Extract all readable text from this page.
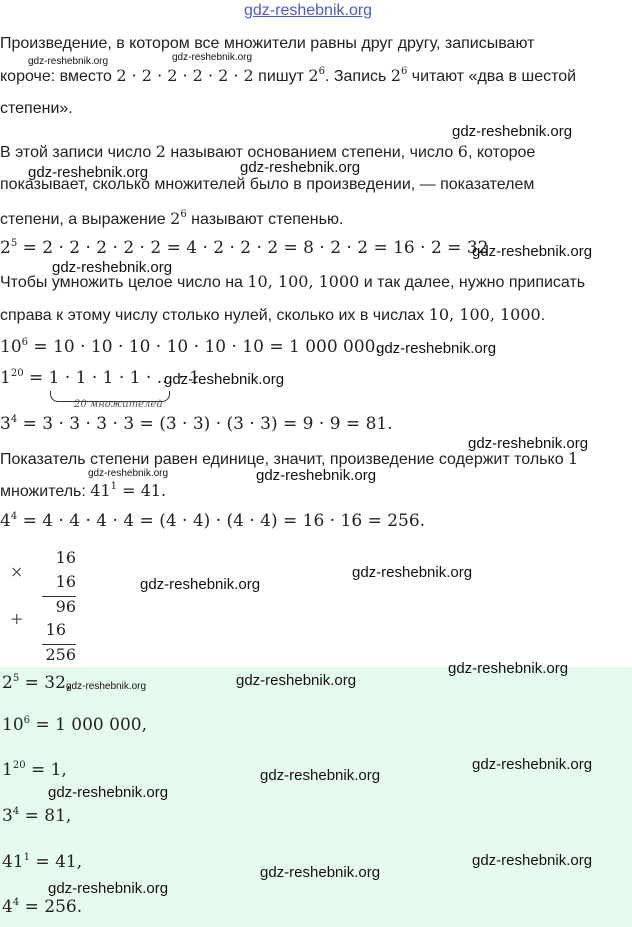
gdz-reshebnik.org
Произведение, в котором все множители равны друг другу, записывают
короче: вместо 2 · 2 · 2 · 2 · 2 · 2 пишут $2^6$. Запись $2^6$ читают «два в шестой
степени».
В этой записи число 2 называют основанием степени, число 6, которое
показывает, сколько множителей было в произведении, — показателем
степени, а выражение $2^6$ называют степенью.
$2^5 = 2 \cdot 2 \cdot 2 \cdot 2 \cdot 2 = 4 \cdot 2 \cdot 2 \cdot 2 = 8 \cdot 2 \cdot 2 = 16 \cdot 2 = 32$
Чтобы умножить целое число на 10, 100, 1000 и так далее, нужно приписать
справа к этому числу столько нулей, сколько их в числах 10, 100, 1000.
$10^6 = 10 \cdot 10 \cdot 10 \cdot 10 \cdot 10 \cdot 10 = 1$ 000 000.
$1^{20} = 1 \cdot 1 \cdot 1 \cdot 1$ · ... · 1
20 множителей
$3^4 = 3 \cdot 3 \cdot 3 \cdot 3 = (3 \cdot 3) \cdot (3 \cdot 3) = 9 \cdot 9 = 81$.
Показатель степени равен единице, значит, произведение содержит только 1
множитель: $41^1 = 41$.
$4^4 = 4 \cdot 4 \cdot 4 \cdot 4 = (4 \cdot 4) \cdot (4 \cdot 4) = 16 \cdot 16 = 256$.
×
16
16
96
+
16
256
$2^5 = 32$,
$10^6 = 1$ 000 000,
$1^{20} = 1$,
$3^4 = 81$,
$41^1 = 41$,
$4^4 = 256$.
gdz-reshebnik.org	gdz-reshebnik.org
gdz-reshebnik.org
gdz-reshebnik.org	gdz-reshebnik.org
gdz-reshebnik.org
gdz-reshebnik.org
gdz-reshebnik.org
gdz-reshebnik.org
gdz-reshebnik.org
gdz-reshebnik.org	gdz-reshebnik.org
gdz-reshebnik.org
gdz-reshebnik.org
gdz-reshebnik.org
gdz-reshebnik.org
gdz-reshebnik.org
gdz-reshebnik.org
gdz-reshebnik.org
gdz-reshebnik.org
gdz-reshebnik.org
gdz-reshebnik.org
gdz-reshebnik.org
